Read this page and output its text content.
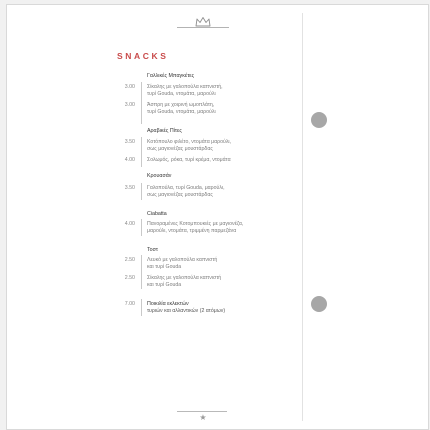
SNACKS
Γαλλικές Μπαγκέτες
3.00 Σίκαλης με γαλοπούλα καπνιστή,
τυρί Gouda, ντομάτα, μαρούλι
3.00 Άσπρη με χοιρινή ωμοπλάτη,
τυρί Gouda, ντομάτα, μαρούλι
Αραβικές Πίτες
3.50 Κοτόπουλο φιλέτο, ντομάτα μαρούλι,
σως μαγιονέζας μουστάρδας
4.00 Σολωμός, ρόκα, τυρί κρέμα, ντομάτα
Κρουασάν
3.50 Γαλοπούλα, τυρί Gouda, μαρούλι,
σως μαγιονέζας μουστάρδας
Ciabatta
4.00 Πανοραμένες Κοτομπουκιές με μαγιονέζα,
μαρούλι, ντομάτα, τριμμένη παρμεζάνα
Τοστ
2.50 Λευκό με γαλοπούλα καπνιστή
και τυρί Gouda
2.50 Σίκαλης με γαλοπούλα καπνιστή
και τυρί Gouda
7.00 Ποικιλία εκλεκτών
τυριών και αλλαντικών (2 ατόμων)
★
